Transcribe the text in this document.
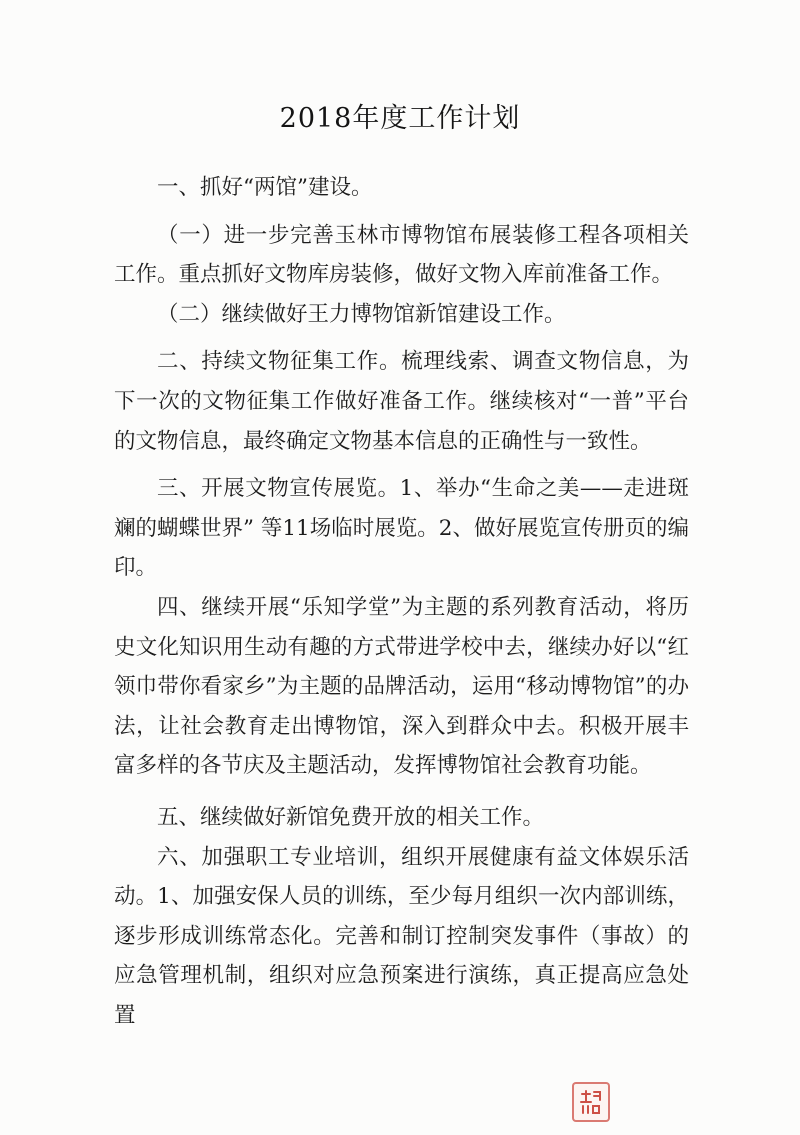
2018年度工作计划

一、抓好“两馆”建设。

（一）进一步完善玉林市博物馆布展装修工程各项相关工作。重点抓好文物库房装修，做好文物入库前准备工作。

（二）继续做好王力博物馆新馆建设工作。

二、持续文物征集工作。梳理线索、调查文物信息，为下一次的文物征集工作做好准备工作。继续核对“一普”平台的文物信息，最终确定文物基本信息的正确性与一致性。

三、开展文物宣传展览。1、举办“生命之美——走进斑斓的蝴蝶世界” 等11场临时展览。2、做好展览宣传册页的编印。

四、继续开展“乐知学堂”为主题的系列教育活动，将历史文化知识用生动有趣的方式带进学校中去，继续办好以“红领巾带你看家乡”为主题的品牌活动，运用“移动博物馆”的办法，让社会教育走出博物馆，深入到群众中去。积极开展丰富多样的各节庆及主题活动，发挥博物馆社会教育功能。

五、继续做好新馆免费开放的相关工作。

六、加强职工专业培训，组织开展健康有益文体娱乐活动。1、加强安保人员的训练，至少每月组织一次内部训练，逐步形成训练常态化。完善和制订控制突发事件（事故）的应急管理机制，组织对应急预案进行演练，真正提高应急处置
